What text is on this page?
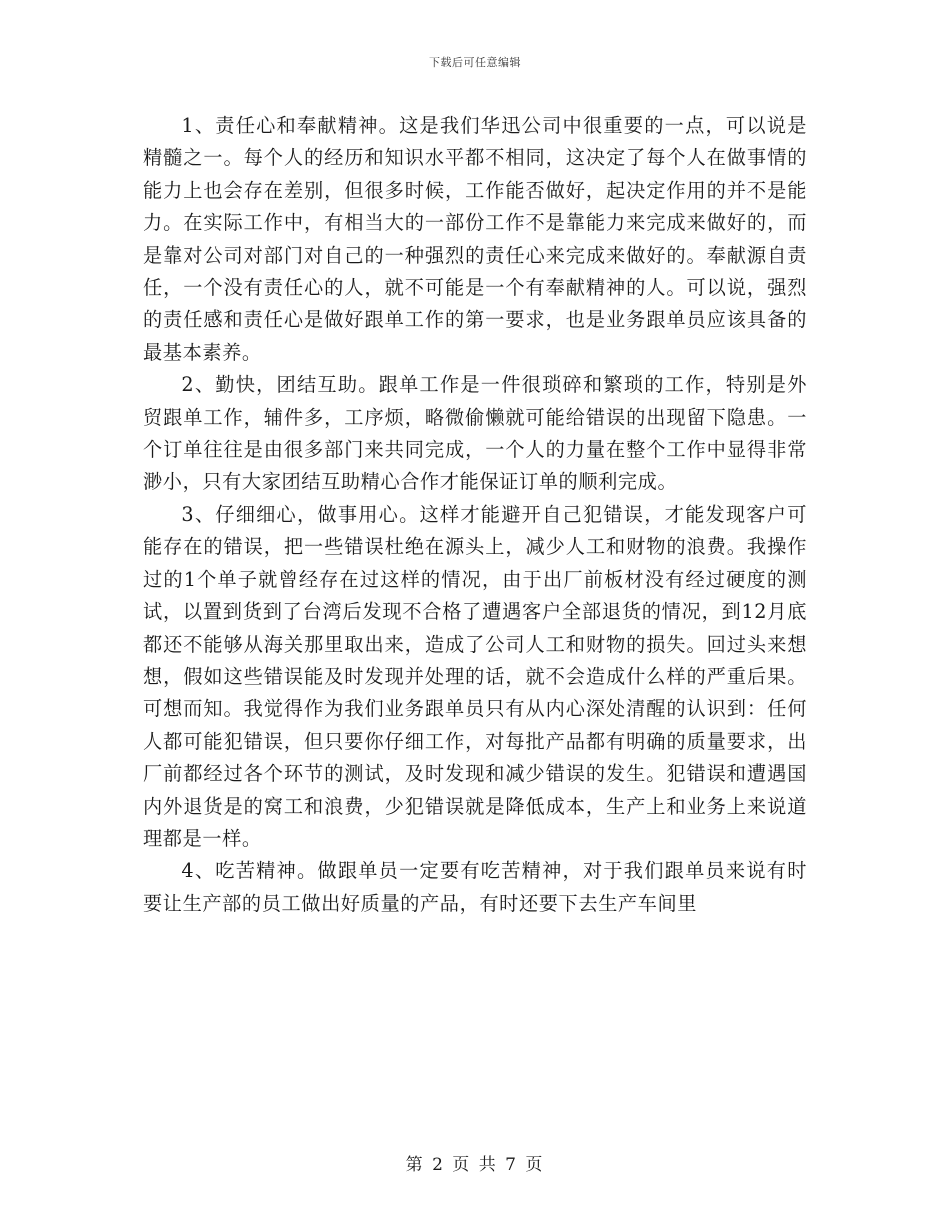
下载后可任意编辑

1、责任心和奉献精神。这是我们华迅公司中很重要的一点，可以说是精髓之一。每个人的经历和知识水平都不相同，这决定了每个人在做事情的能力上也会存在差别，但很多时候，工作能否做好，起决定作用的并不是能力。在实际工作中，有相当大的一部份工作不是靠能力来完成来做好的，而是靠对公司对部门对自己的一种强烈的责任心来完成来做好的。奉献源自责任，一个没有责任心的人，就不可能是一个有奉献精神的人。可以说，强烈的责任感和责任心是做好跟单工作的第一要求，也是业务跟单员应该具备的最基本素养。

2、勤快，团结互助。跟单工作是一件很琐碎和繁琐的工作，特别是外贸跟单工作，辅件多，工序烦，略微偷懒就可能给错误的出现留下隐患。一个订单往往是由很多部门来共同完成，一个人的力量在整个工作中显得非常渺小，只有大家团结互助精心合作才能保证订单的顺利完成。

3、仔细细心，做事用心。这样才能避开自己犯错误，才能发现客户可能存在的错误，把一些错误杜绝在源头上，减少人工和财物的浪费。我操作过的1个单子就曾经存在过这样的情况，由于出厂前板材没有经过硬度的测试，以置到货到了台湾后发现不合格了遭遇客户全部退货的情况，到12月底都还不能够从海关那里取出来，造成了公司人工和财物的损失。回过头来想想，假如这些错误能及时发现并处理的话，就不会造成什么样的严重后果。可想而知。我觉得作为我们业务跟单员只有从内心深处清醒的认识到：任何人都可能犯错误，但只要你仔细工作，对每批产品都有明确的质量要求，出厂前都经过各个环节的测试，及时发现和减少错误的发生。犯错误和遭遇国内外退货是的窝工和浪费，少犯错误就是降低成本，生产上和业务上来说道理都是一样。

4、吃苦精神。做跟单员一定要有吃苦精神，对于我们跟单员来说有时要让生产部的员工做出好质量的产品，有时还要下去生产车间里

第 2 页 共 7 页
